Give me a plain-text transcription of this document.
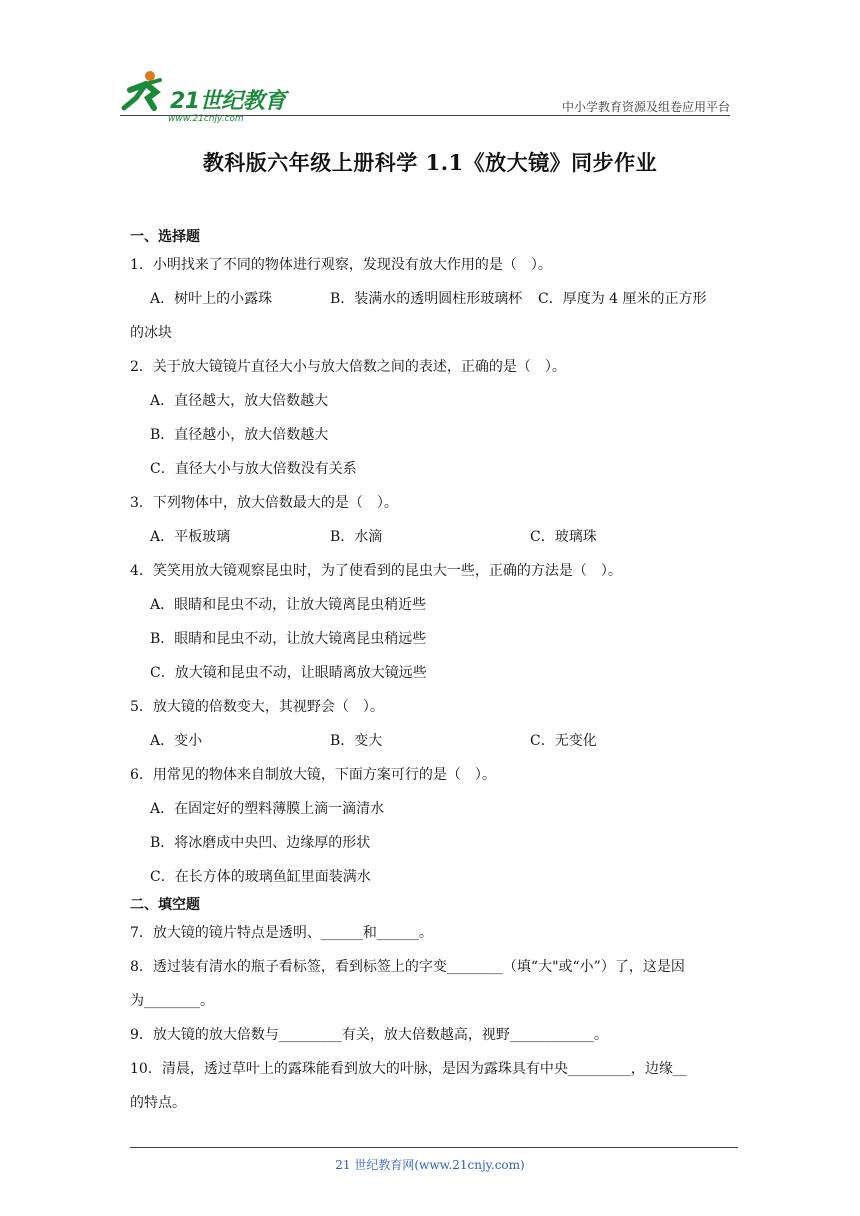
21世纪教育
www.21cnjy.com
中小学教育资源及组卷应用平台
教科版六年级上册科学 1.1《放大镜》同步作业
一、选择题
1．小明找来了不同的物体进行观察，发现没有放大作用的是（　）。
A．树叶上的小露珠	B．装满水的透明圆柱形玻璃杯	C．厚度为 4 厘米的正方形
的冰块
2．关于放大镜镜片直径大小与放大倍数之间的表述，正确的是（　）。
A．直径越大，放大倍数越大
B．直径越小，放大倍数越大
C．直径大小与放大倍数没有关系
3．下列物体中，放大倍数最大的是（　）。
A．平板玻璃	B．水滴	C．玻璃珠
4．笑笑用放大镜观察昆虫时，为了使看到的昆虫大一些，正确的方法是（　）。
A．眼睛和昆虫不动，让放大镜离昆虫稍近些
B．眼睛和昆虫不动，让放大镜离昆虫稍远些
C．放大镜和昆虫不动，让眼睛离放大镜远些
5．放大镜的倍数变大，其视野会（　）。
A．变小	B．变大	C．无变化
6．用常见的物体来自制放大镜，下面方案可行的是（　）。
A．在固定好的塑料薄膜上滴一滴清水
B．将冰磨成中央凹、边缘厚的形状
C．在长方体的玻璃鱼缸里面装满水
二、填空题
7．放大镜的镜片特点是透明、______和______。
8．透过装有清水的瓶子看标签，看到标签上的字变________（填“大"或“小”）了，这是因
为________。
9．放大镜的放大倍数与_________有关，放大倍数越高，视野____________。
10．清晨，透过草叶上的露珠能看到放大的叶脉，是因为露珠具有中央_________，边缘__
的特点。
21 世纪教育网(www.21cnjy.com)
